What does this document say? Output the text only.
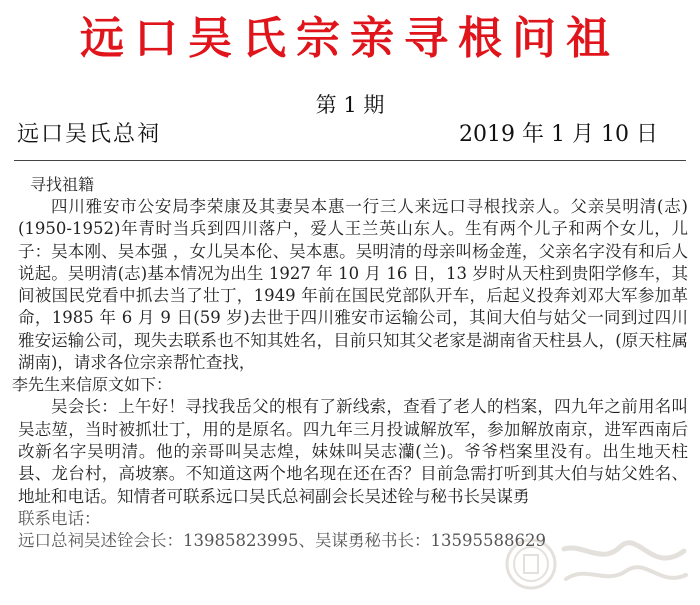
远口吴氏宗亲寻根问祖
第 1 期
远口吴氏总祠	2019 年 1 月 10 日
寻找祖籍
四川雅安市公安局李荣康及其妻吴本惠一行三人来远口寻根找亲人。父亲吴明清(志)(1950-1952)年青时当兵到四川落户，爱人王兰英山东人。生有两个儿子和两个女儿，儿子：吴本刚、吴本强 ，女儿吴本伦、吴本惠。吴明清的母亲叫杨金莲，父亲名字没有和后人说起。吴明清(志)基本情况为出生 1927 年 10 月 16 日，13 岁时从天柱到贵阳学修车，其间被国民党看中抓去当了壮丁，1949 年前在国民党部队开车，后起义投奔刘邓大军参加革命，1985 年 6 月 9 日(59 岁)去世于四川雅安市运输公司，其间大伯与姑父一同到过四川雅安运输公司，现失去联系也不知其姓名，目前只知其父老家是湖南省天柱县人，(原天柱属湖南)，请求各位宗亲帮忙查找，
李先生来信原文如下：
吴会长：上午好！寻找我岳父的根有了新线索，查看了老人的档案，四九年之前用名叫吴志堃，当时被抓壮丁，用的是原名。四九年三月投诚解放军，参加解放南京，进军西南后改新名字吴明清。他的亲哥叫吴志煌，妹妹叫吴志灡(兰)。爷爷档案里没有。出生地天柱县、龙台村，高坡寨。不知道这两个地名现在还在否？目前急需打听到其大伯与姑父姓名、地址和电话。知情者可联系远口吴氏总祠副会长吴述铨与秘书长吴谋勇
联系电话：
远口总祠吴述铨会长：13985823995、吴谋勇秘书长：13595588629
